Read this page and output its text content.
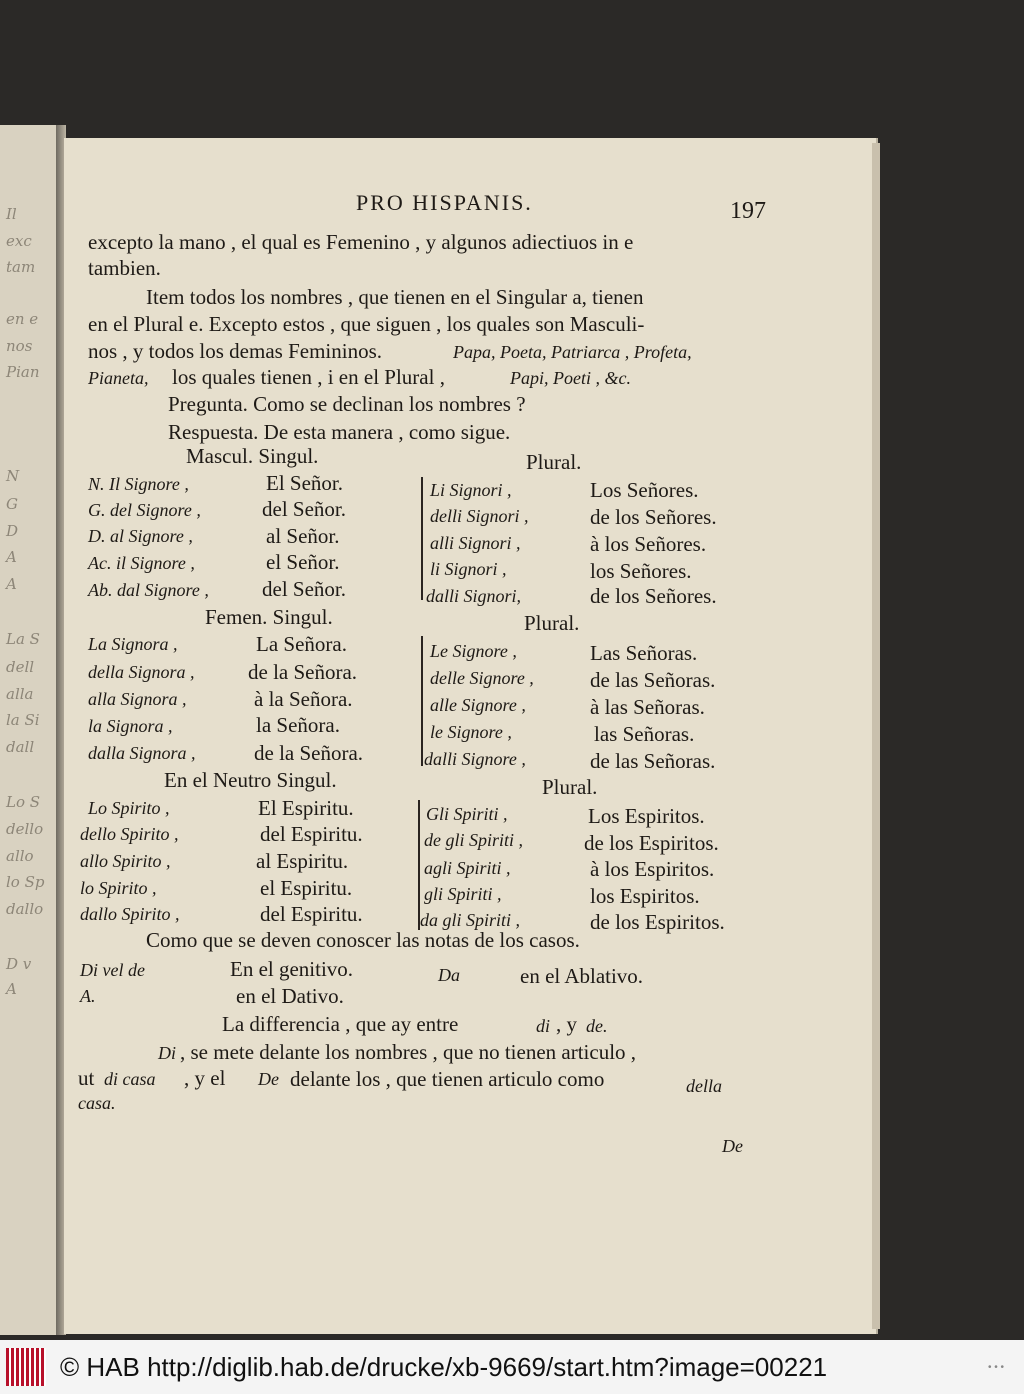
Il
exc
tam
en e
nos
Pian
N
G
D
A
A
La S
dell
alla
la Si
dall
Lo S
dello
allo
lo Sp
dallo
D v
A
PRO HISPANIS.	197
excepto la mano , el qual es Femenino , y algunos adiectiuos in e
tambien.
Item todos los nombres , que tienen en el Singular a, tienen
en el Plural e. Excepto estos , que siguen , los quales son Masculi-
nos , y todos los demas Femininos.	Papa, Poeta, Patriarca , Profeta,
Pianeta, los quales tienen , i en el Plural ,	Papi, Poeti , &c.
Pregunta. Como se declinan los nombres ?
Respuesta. De esta manera , como sigue.
Mascul. Singul.	Plural.
N. Il Signore ,	El Señor.	Li Signori ,	Los Señores.
G. del Signore ,	del Señor.	delli Signori ,	de los Señores.
D. al Signore ,	al Señor.	alli Signori ,	à los Señores.
Ac. il Signore ,	el Señor.	li Signori ,	los Señores.
Ab. dal Signore ,	del Señor.	dalli Signori,	de los Señores.
Femen. Singul.	Plural.
La Signora ,	La Señora.	Le Signore ,	Las Señoras.
della Signora ,	de la Señora.	delle Signore ,	de las Señoras.
alla Signora ,	à la Señora.	alle Signore ,	à las Señoras.
la Signora ,	la Señora.	le Signore ,	las Señoras.
dalla Signora ,	de la Señora.	dalli Signore ,	de las Señoras.
En el Neutro Singul.	Plural.
Lo Spirito ,	El Espiritu.	Gli Spiriti ,	Los Espiritos.
dello Spirito ,	del Espiritu.	de gli Spiriti ,	de los Espiritos.
allo Spirito ,	al Espiritu.	agli Spiriti ,	à los Espiritos.
lo Spirito ,	el Espiritu.	gli Spiriti ,	los Espiritos.
dallo Spirito ,	del Espiritu.	da gli Spiriti ,	de los Espiritos.
Como que se deven conoscer las notas de los casos.
Di vel de	En el genitivo.	Da	en el Ablativo.
A.	en el Dativo.
La differencia , que ay entre	di , y de.
Di , se mete delante los nombres , que no tienen articulo ,
ut di casa , y el De delante los , que tienen articulo como	della
casa.
De
© HAB http://diglib.hab.de/drucke/xb-9669/start.htm?image=00221	• • •
